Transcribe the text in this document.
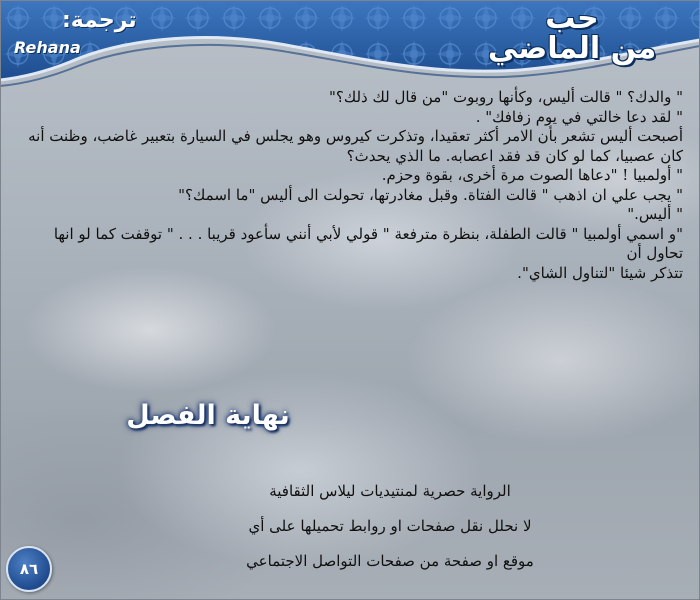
حب
من الماضي
ترجمة:
Rehana

" والدك؟ " قالت أليس، وكأنها روبوت "من قال لك ذلك؟"

" لقد دعا خالتي في يوم زفافك" .

أصبحت أليس تشعر بأن الامر أكثر تعقيدا، وتذكرت كيروس وهو يجلس في السيارة بتعبير غاضب، وظنت أنه

كان عصبيا، كما لو كان قد فقد اعصابه. ما الذي يحدث؟

" أولمبيا ! "دعاها الصوت مرة أخرى، بقوة وحزم.

" يجب علي ان اذهب " قالت الفتاة. وقبل مغادرتها، تحولت الى أليس "ما اسمك؟"

" أليس."

"و اسمي أولمبيا " قالت الطفلة، بنظرة مترفعة " قولي لأبي أنني سأعود قريبا . . . " توقفت كما لو انها تحاول أن

تتذكر شيئا "لتناول الشاي".

نهاية الفصل

الرواية حصرية لمنتيديات ليلاس الثقافية

لا نحلل نقل صفحات او روابط تحميلها على أي

موقع او صفحة من صفحات التواصل الاجتماعي

٨٦
